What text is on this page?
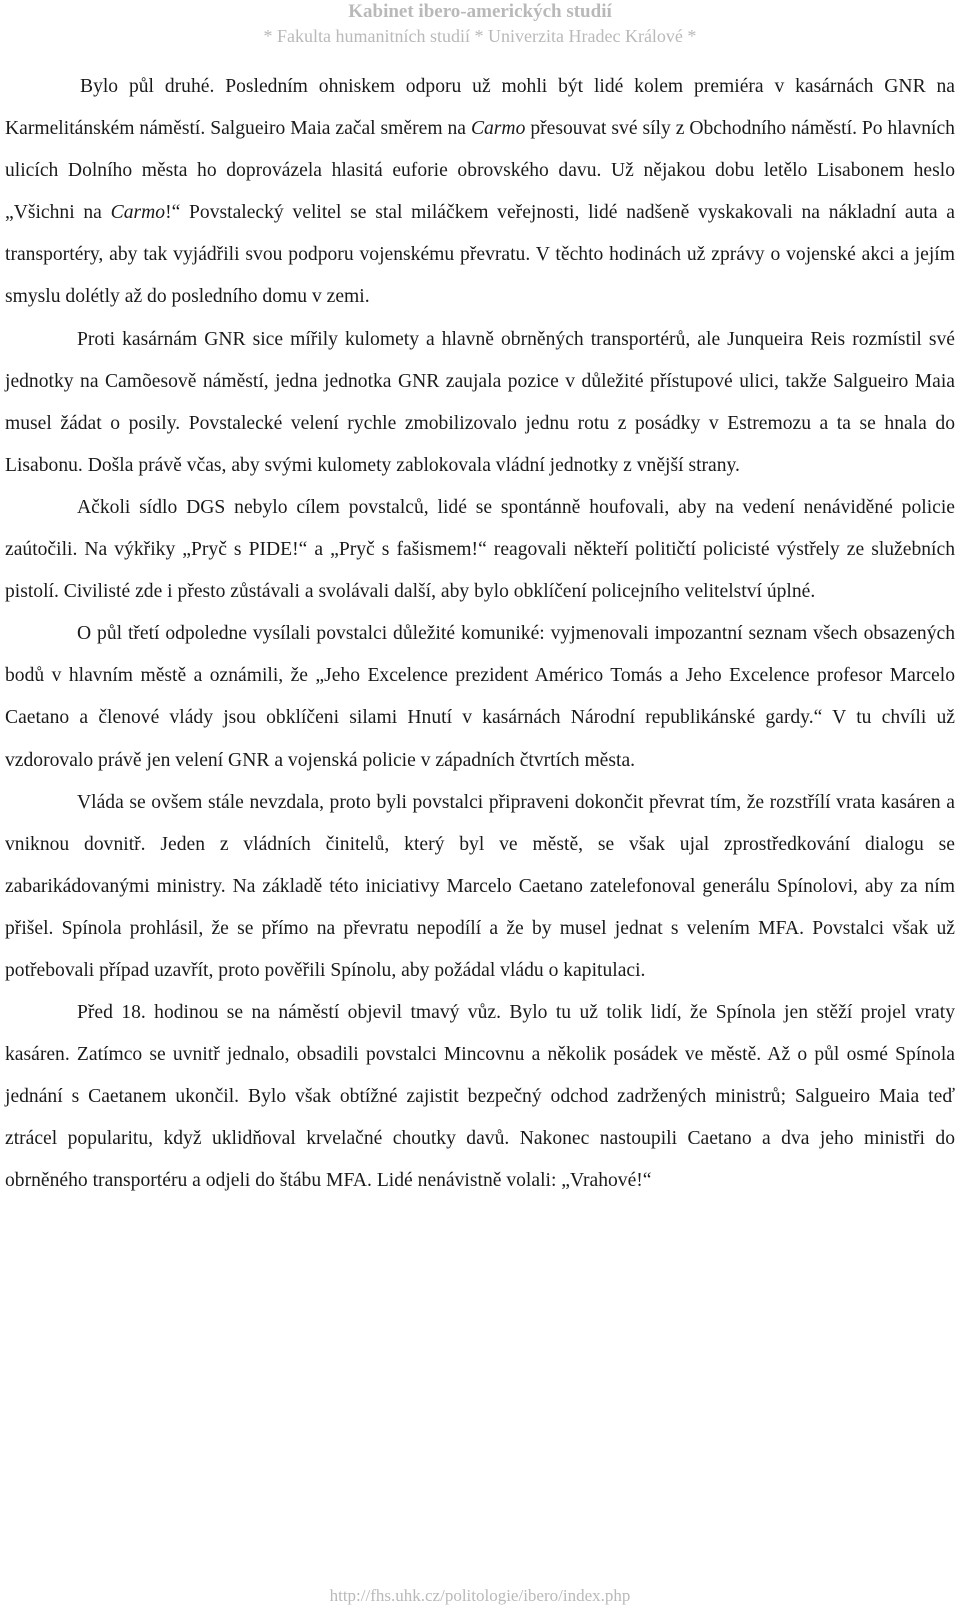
Kabinet ibero-amerických studií
* Fakulta humanitních studií * Univerzita Hradec Králové *

Bylo půl druhé. Posledním ohniskem odporu už mohli být lidé kolem premiéra v kasárnách GNR na Karmelitánském náměstí. Salgueiro Maia začal směrem na Carmo přesouvat své síly z Obchodního náměstí. Po hlavních ulicích Dolního města ho doprovázela hlasitá euforie obrovského davu. Už nějakou dobu letělo Lisabonem heslo „Všichni na Carmo!“ Povstalecký velitel se stal miláčkem veřejnosti, lidé nadšeně vyskakovali na nákladní auta a transportéry, aby tak vyjádřili svou podporu vojenskému převratu. V těchto hodinách už zprávy o vojenské akci a jejím smyslu dolétly až do posledního domu v zemi.

Proti kasárnám GNR sice mířily kulomety a hlavně obrněných transportérů, ale Junqueira Reis rozmístil své jednotky na Camõesově náměstí, jedna jednotka GNR zaujala pozice v důležité přístupové ulici, takže Salgueiro Maia musel žádat o posily. Povstalecké velení rychle zmobilizovalo jednu rotu z posádky v Estremozu a ta se hnala do Lisabonu. Došla právě včas, aby svými kulomety zablokovala vládní jednotky z vnější strany.

Ačkoli sídlo DGS nebylo cílem povstalců, lidé se spontánně houfovali, aby na vedení nenáviděné policie zaútočili. Na výkřiky „Pryč s PIDE!“ a „Pryč s fašismem!“ reagovali někteří političtí policisté výstřely ze služebních pistolí. Civilisté zde i přesto zůstávali a svolávali další, aby bylo obklíčení policejního velitelství úplné.

O půl třetí odpoledne vysílali povstalci důležité komuniké: vyjmenovali impozantní seznam všech obsazených bodů v hlavním městě a oznámili, že „Jeho Excelence prezident Américo Tomás a Jeho Excelence profesor Marcelo Caetano a členové vlády jsou obklíčeni silami Hnutí v kasárnách Národní republikánské gardy.“ V tu chvíli už vzdorovalo právě jen velení GNR a vojenská policie v západních čtvrtích města.

Vláda se ovšem stále nevzdala, proto byli povstalci připraveni dokončit převrat tím, že rozstřílí vrata kasáren a vniknou dovnitř. Jeden z vládních činitelů, který byl ve městě, se však ujal zprostředkování dialogu se zabarikádovanými ministry. Na základě této iniciativy Marcelo Caetano zatelefonoval generálu Spínolovi, aby za ním přišel. Spínola prohlásil, že se přímo na převratu nepodílí a že by musel jednat s velením MFA. Povstalci však už potřebovali případ uzavřít, proto pověřili Spínolu, aby požádal vládu o kapitulaci.

Před 18. hodinou se na náměstí objevil tmavý vůz. Bylo tu už tolik lidí, že Spínola jen stěží projel vraty kasáren. Zatímco se uvnitř jednalo, obsadili povstalci Mincovnu a několik posádek ve městě. Až o půl osmé Spínola jednání s Caetanem ukončil. Bylo však obtížné zajistit bezpečný odchod zadržených ministrů; Salgueiro Maia teď ztrácel popularitu, když uklidňoval krvelačné choutky davů. Nakonec nastoupili Caetano a dva jeho ministři do obrněného transportéru a odjeli do štábu MFA. Lidé nenávistně volali: „Vrahové!“

http://fhs.uhk.cz/politologie/ibero/index.php
